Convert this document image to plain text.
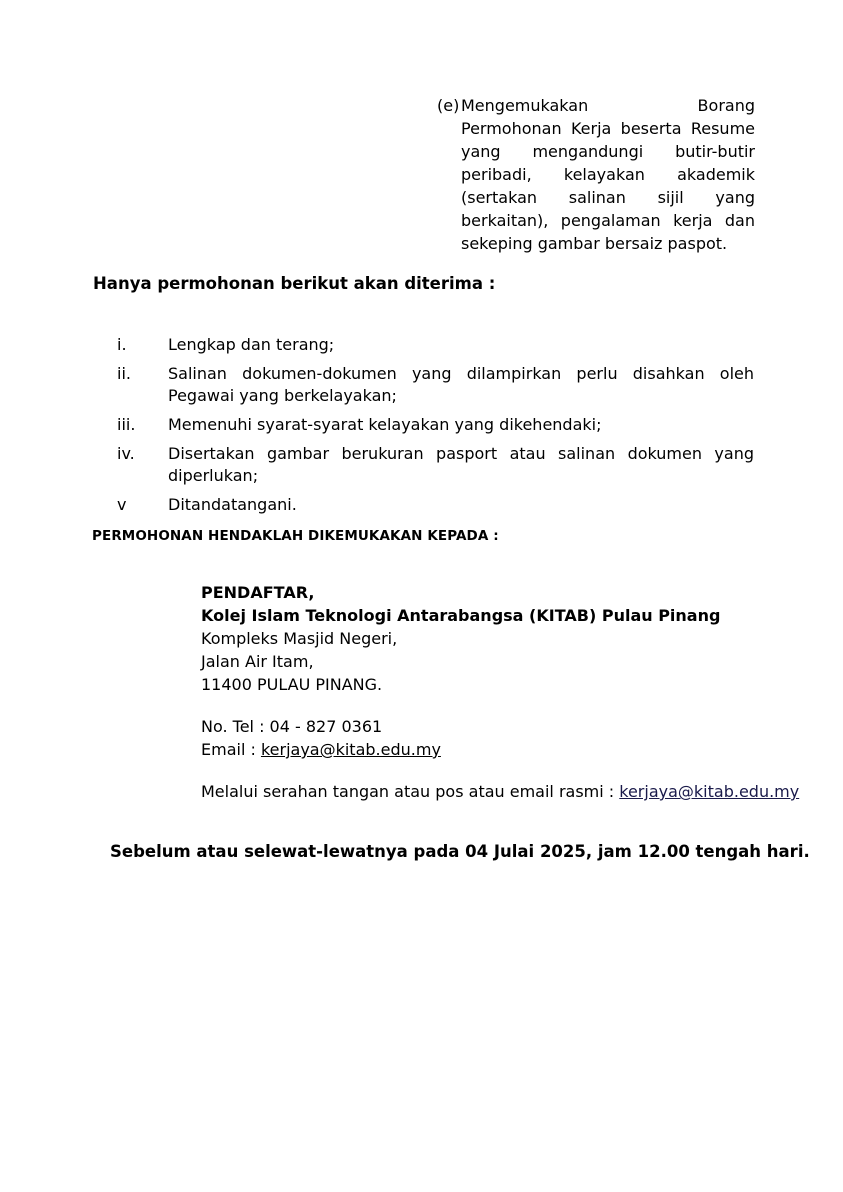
(e) Mengemukakan Borang Permohonan Kerja beserta Resume yang mengandungi butir-butir peribadi, kelayakan akademik (sertakan salinan sijil yang berkaitan), pengalaman kerja dan sekeping gambar bersaiz paspot.
Hanya permohonan berikut akan diterima :
i.	Lengkap dan terang;
ii.	Salinan dokumen-dokumen yang dilampirkan perlu disahkan oleh Pegawai yang berkelayakan;
iii.	Memenuhi syarat-syarat kelayakan yang dikehendaki;
iv.	Disertakan gambar berukuran pasport atau salinan dokumen yang diperlukan;
v	Ditandatangani.
PERMOHONAN HENDAKLAH DIKEMUKAKAN KEPADA :
PENDAFTAR,
Kolej Islam Teknologi Antarabangsa (KITAB) Pulau Pinang
Kompleks Masjid Negeri,
Jalan Air Itam,
11400 PULAU PINANG.
No. Tel : 04 - 827 0361
Email : kerjaya@kitab.edu.my
Melalui serahan tangan atau pos atau email rasmi : kerjaya@kitab.edu.my
Sebelum atau selewat-lewatnya pada 04 Julai 2025, jam 12.00 tengah hari.
